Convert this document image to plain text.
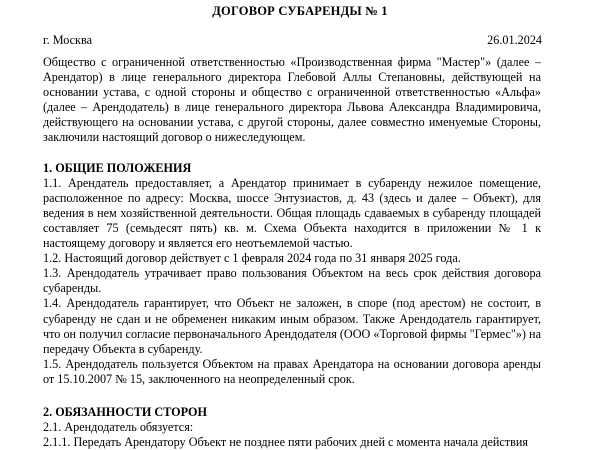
ДОГОВОР СУБАРЕНДЫ № 1
г. Москва	26.01.2024

Общество с ограниченной ответственностью «Производственная фирма "Мастер"» (далее – Арендатор) в лице генерального директора Глебовой Аллы Степановны, действующей на основании устава, с одной стороны и общество с ограниченной ответственностью «Альфа» (далее – Арендодатель) в лице генерального директора Львова Александра Владимировича, действующего на основании устава, с другой стороны, далее совместно именуемые Стороны, заключили настоящий договор о нижеследующем.

1. ОБЩИЕ ПОЛОЖЕНИЯ

1.1. Арендатель предоставляет, а Арендатор принимает в субаренду нежилое помещение, расположенное по адресу: Москва, шоссе Энтузиастов, д. 43 (здесь и далее – Объект), для ведения в нем хозяйственной деятельности. Общая площадь сдаваемых в субаренду площадей составляет 75 (семьдесят пять) кв. м. Схема Объекта находится в приложении № 1 к настоящему договору и является его неотъемлемой частью.

1.2. Настоящий договор действует с 1 февраля 2024 года по 31 января 2025 года.

1.3. Арендодатель утрачивает право пользования Объектом на весь срок действия договора субаренды.

1.4. Арендодатель гарантирует, что Объект не заложен, в споре (под арестом) не состоит, в субаренду не сдан и не обременен никаким иным образом. Также Арендодатель гарантирует, что он получил согласие первоначального Арендодателя (ООО «Торговой фирмы "Гермес"») на передачу Объекта в субаренду.

1.5. Арендодатель пользуется Объектом на правах Арендатора на основании договора аренды от 15.10.2007 № 15, заключенного на неопределенный срок.

2. ОБЯЗАННОСТИ СТОРОН

2.1. Арендодатель обязуется:

2.1.1. Передать Арендатору Объект не позднее пяти рабочих дней с момента начала действия
